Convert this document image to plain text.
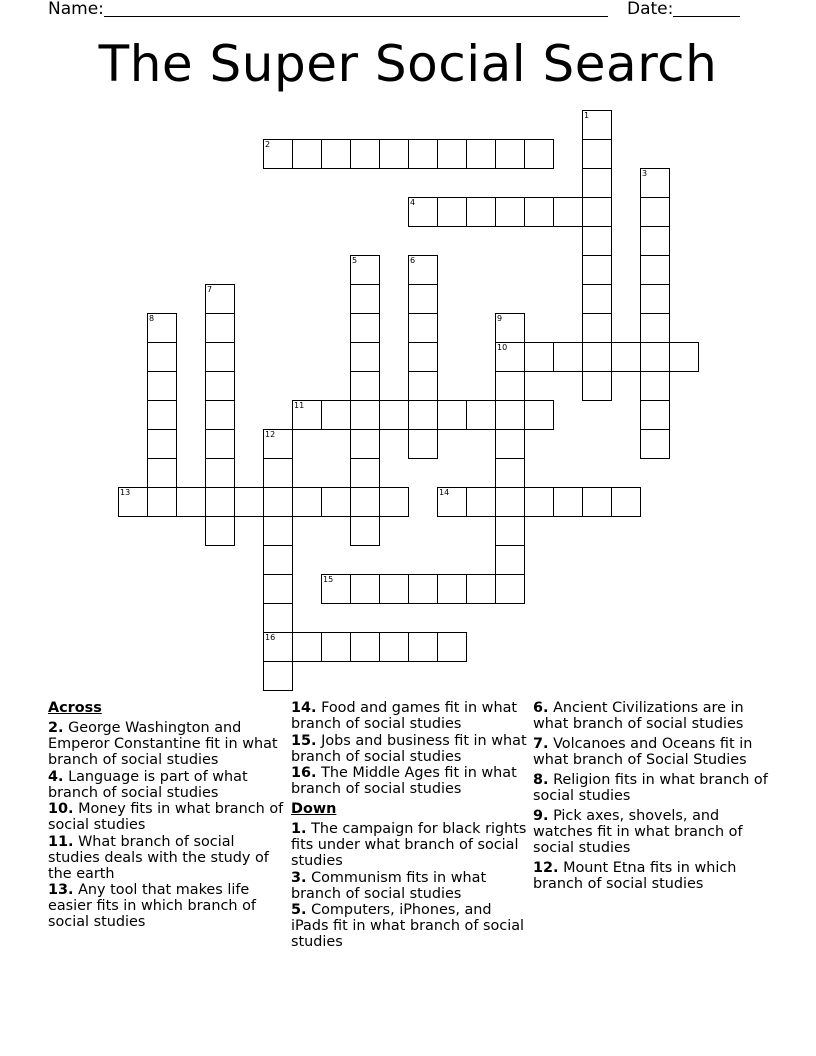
Name:	Date:
The Super Social Search
1
2
3
4
5	6
7
8	9
10
11
12
13	14
15
16
Across
2. George Washington and Emperor Constantine fit in what branch of social studies
4. Language is part of what branch of social studies
10. Money fits in what branch of social studies
11. What branch of social studies deals with the study of the earth
13. Any tool that makes life easier fits in which branch of social studies
14. Food and games fit in what branch of social studies
15. Jobs and business fit in what branch of social studies
16. The Middle Ages fit in what branch of social studies
Down
1. The campaign for black rights fits under what branch of social studies
3. Communism fits in what branch of social studies
5. Computers, iPhones, and iPads fit in what branch of social studies
6. Ancient Civilizations are in what branch of social studies
7. Volcanoes and Oceans fit in what branch of Social Studies
8. Religion fits in what branch of social studies
9. Pick axes, shovels, and watches fit in what branch of social studies
12. Mount Etna fits in which branch of social studies
